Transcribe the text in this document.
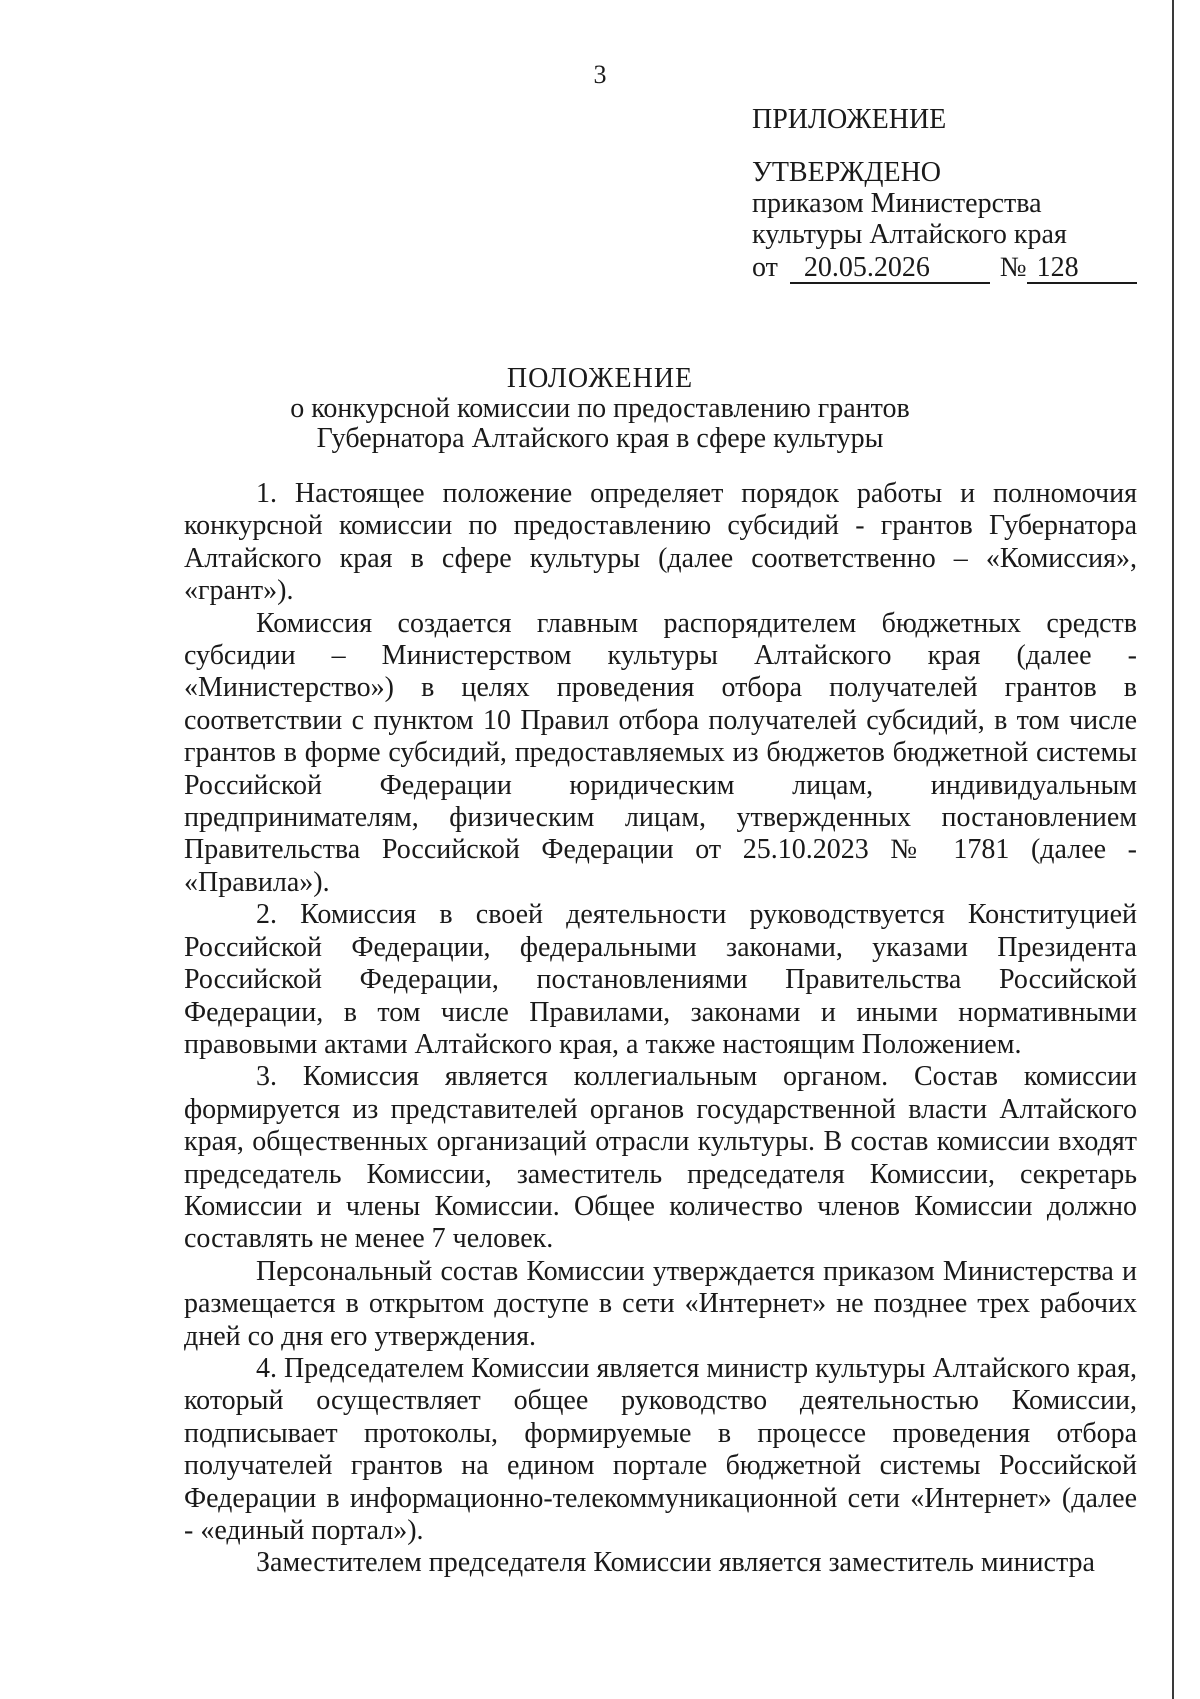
3
ПРИЛОЖЕНИЕ
УТВЕРЖДЕНО
приказом Министерства
культуры Алтайского края
от 20.05.2026	№ 128
ПОЛОЖЕНИЕ
о конкурсной комиссии по предоставлению грантов
Губернатора Алтайского края в сфере культуры

1. Настоящее положение определяет порядок работы и полномочия конкурсной комиссии по предоставлению субсидий - грантов Губернатора Алтайского края в сфере культуры (далее соответственно – «Комиссия», «грант»).

Комиссия создается главным распорядителем бюджетных средств субсидии – Министерством культуры Алтайского края (далее - «Министерство») в целях проведения отбора получателей грантов в соответствии с пунктом 10 Правил отбора получателей субсидий, в том числе грантов в форме субсидий, предоставляемых из бюджетов бюджетной системы Российской Федерации юридическим лицам, индивидуальным предпринимателям, физическим лицам, утвержденных постановлением Правительства Российской Федерации от 25.10.2023 № 1781 (далее - «Правила»).

2. Комиссия в своей деятельности руководствуется Конституцией Российской Федерации, федеральными законами, указами Президента Российской Федерации, постановлениями Правительства Российской Федерации, в том числе Правилами, законами и иными нормативными правовыми актами Алтайского края, а также настоящим Положением.

3. Комиссия является коллегиальным органом. Состав комиссии формируется из представителей органов государственной власти Алтайского края, общественных организаций отрасли культуры. В состав комиссии входят председатель Комиссии, заместитель председателя Комиссии, секретарь Комиссии и члены Комиссии. Общее количество членов Комиссии должно составлять не менее 7 человек.

Персональный состав Комиссии утверждается приказом Министерства и размещается в открытом доступе в сети «Интернет» не позднее трех рабочих дней со дня его утверждения.

4. Председателем Комиссии является министр культуры Алтайского края, который осуществляет общее руководство деятельностью Комиссии, подписывает протоколы, формируемые в процессе проведения отбора получателей грантов на едином портале бюджетной системы Российской Федерации в информационно-телекоммуникационной сети «Интернет» (далее - «единый портал»).

Заместителем председателя Комиссии является заместитель министра
